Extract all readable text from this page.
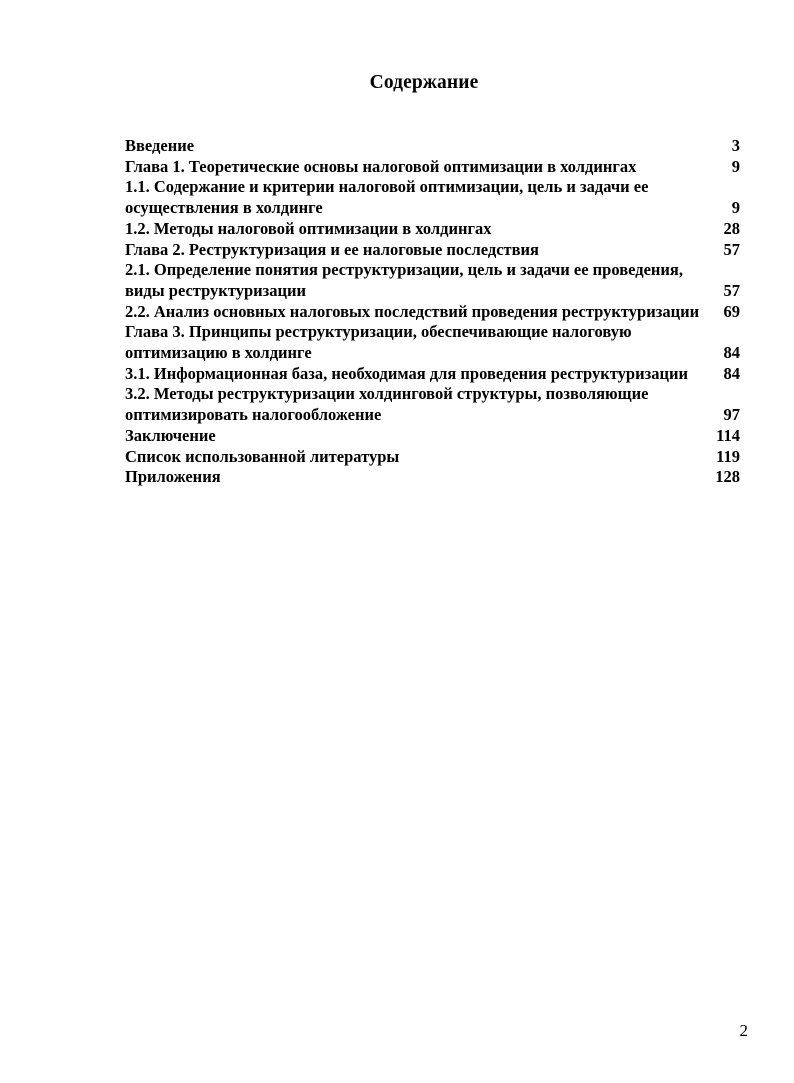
Содержание
Введение	3
Глава 1. Теоретические основы налоговой оптимизации в холдингах	9
1.1. Содержание и критерии налоговой оптимизации, цель и задачи ее осуществления в холдинге	9
1.2. Методы налоговой оптимизации в холдингах	28
Глава 2. Реструктуризация и ее налоговые последствия	57
2.1. Определение понятия реструктуризации, цель и задачи ее проведения, виды реструктуризации	57
2.2. Анализ основных налоговых последствий проведения реструктуризации	69
Глава 3. Принципы реструктуризации, обеспечивающие налоговую оптимизацию в холдинге	84
3.1. Информационная база, необходимая для проведения реструктуризации	84
3.2. Методы реструктуризации холдинговой структуры, позволяющие оптимизировать налогообложение	97
Заключение	114
Список использованной литературы	119
Приложения	128
2
